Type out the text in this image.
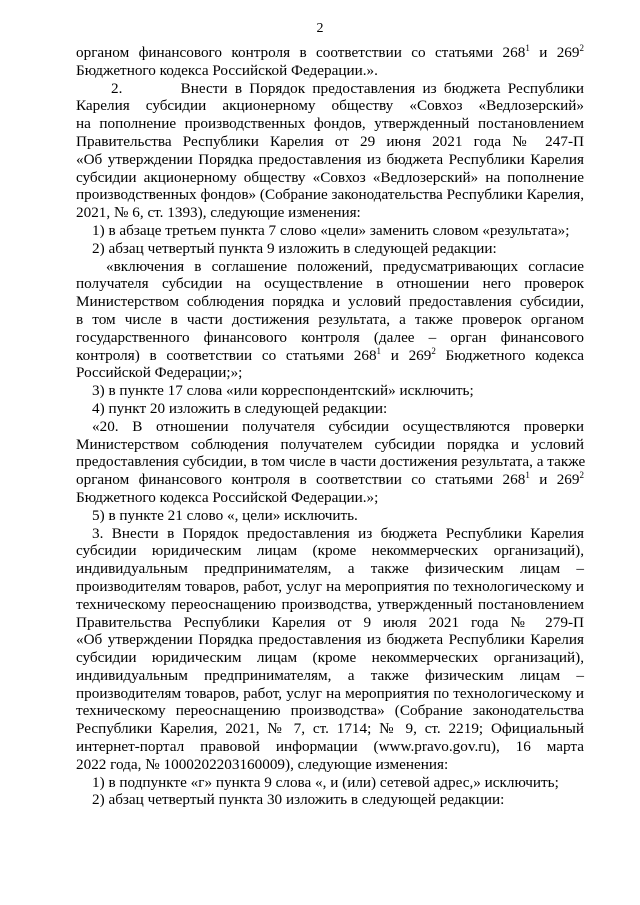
2
органом финансового контроля в соответствии со статьями $268^1$ и $269^2$
Бюджетного кодекса Российской Федерации.».
2.        Внести в Порядок предоставления из бюджета Республики
Карелия субсидии акционерному обществу «Совхоз «Ведлозерский»
на пополнение производственных фондов, утвержденный постановлением
Правительства Республики Карелия от 29 июня 2021 года № 247-П
«Об утверждении Порядка предоставления из бюджета Республики Карелия
субсидии акционерному обществу «Совхоз «Ведлозерский» на пополнение
производственных фондов» (Собрание законодательства Республики Карелия,
2021, № 6, ст. 1393), следующие изменения:
1) в абзаце третьем пункта 7 слово «цели» заменить словом «результата»;
2) абзац четвертый пункта 9 изложить в следующей редакции:
«включения в соглашение положений, предусматривающих согласие
получателя субсидии на осуществление в отношении него проверок
Министерством соблюдения порядка и условий предоставления субсидии,
в том числе в части достижения результата, а также проверок органом
государственного финансового контроля (далее – орган финансового
контроля) в соответствии со статьями $268^1$ и $269^2$ Бюджетного кодекса
Российской Федерации;»;
3) в пункте 17 слова «или корреспондентский» исключить;
4) пункт 20 изложить в следующей редакции:
«20. В отношении получателя субсидии осуществляются проверки
Министерством соблюдения получателем субсидии порядка и условий
предоставления субсидии, в том числе в части достижения результата, а также
органом финансового контроля в соответствии со статьями $268^1$ и $269^2$
Бюджетного кодекса Российской Федерации.»;
5) в пункте 21 слово «, цели» исключить.
3. Внести в Порядок предоставления из бюджета Республики Карелия
субсидии юридическим лицам (кроме некоммерческих организаций),
индивидуальным предпринимателям, а также физическим лицам –
производителям товаров, работ, услуг на мероприятия по технологическому и
техническому переоснащению производства, утвержденный постановлением
Правительства Республики Карелия от 9 июля 2021 года № 279-П
«Об утверждении Порядка предоставления из бюджета Республики Карелия
субсидии юридическим лицам (кроме некоммерческих организаций),
индивидуальным предпринимателям, а также физическим лицам –
производителям товаров, работ, услуг на мероприятия по технологическому и
техническому переоснащению производства» (Собрание законодательства
Республики Карелия, 2021, № 7, ст. 1714; № 9, ст. 2219; Официальный
интернет-портал правовой информации (www.pravo.gov.ru), 16 марта
2022 года, № 1000202203160009), следующие изменения:
1) в подпункте «г» пункта 9 слова «, и (или) сетевой адрес,» исключить;
2) абзац четвертый пункта 30 изложить в следующей редакции:
